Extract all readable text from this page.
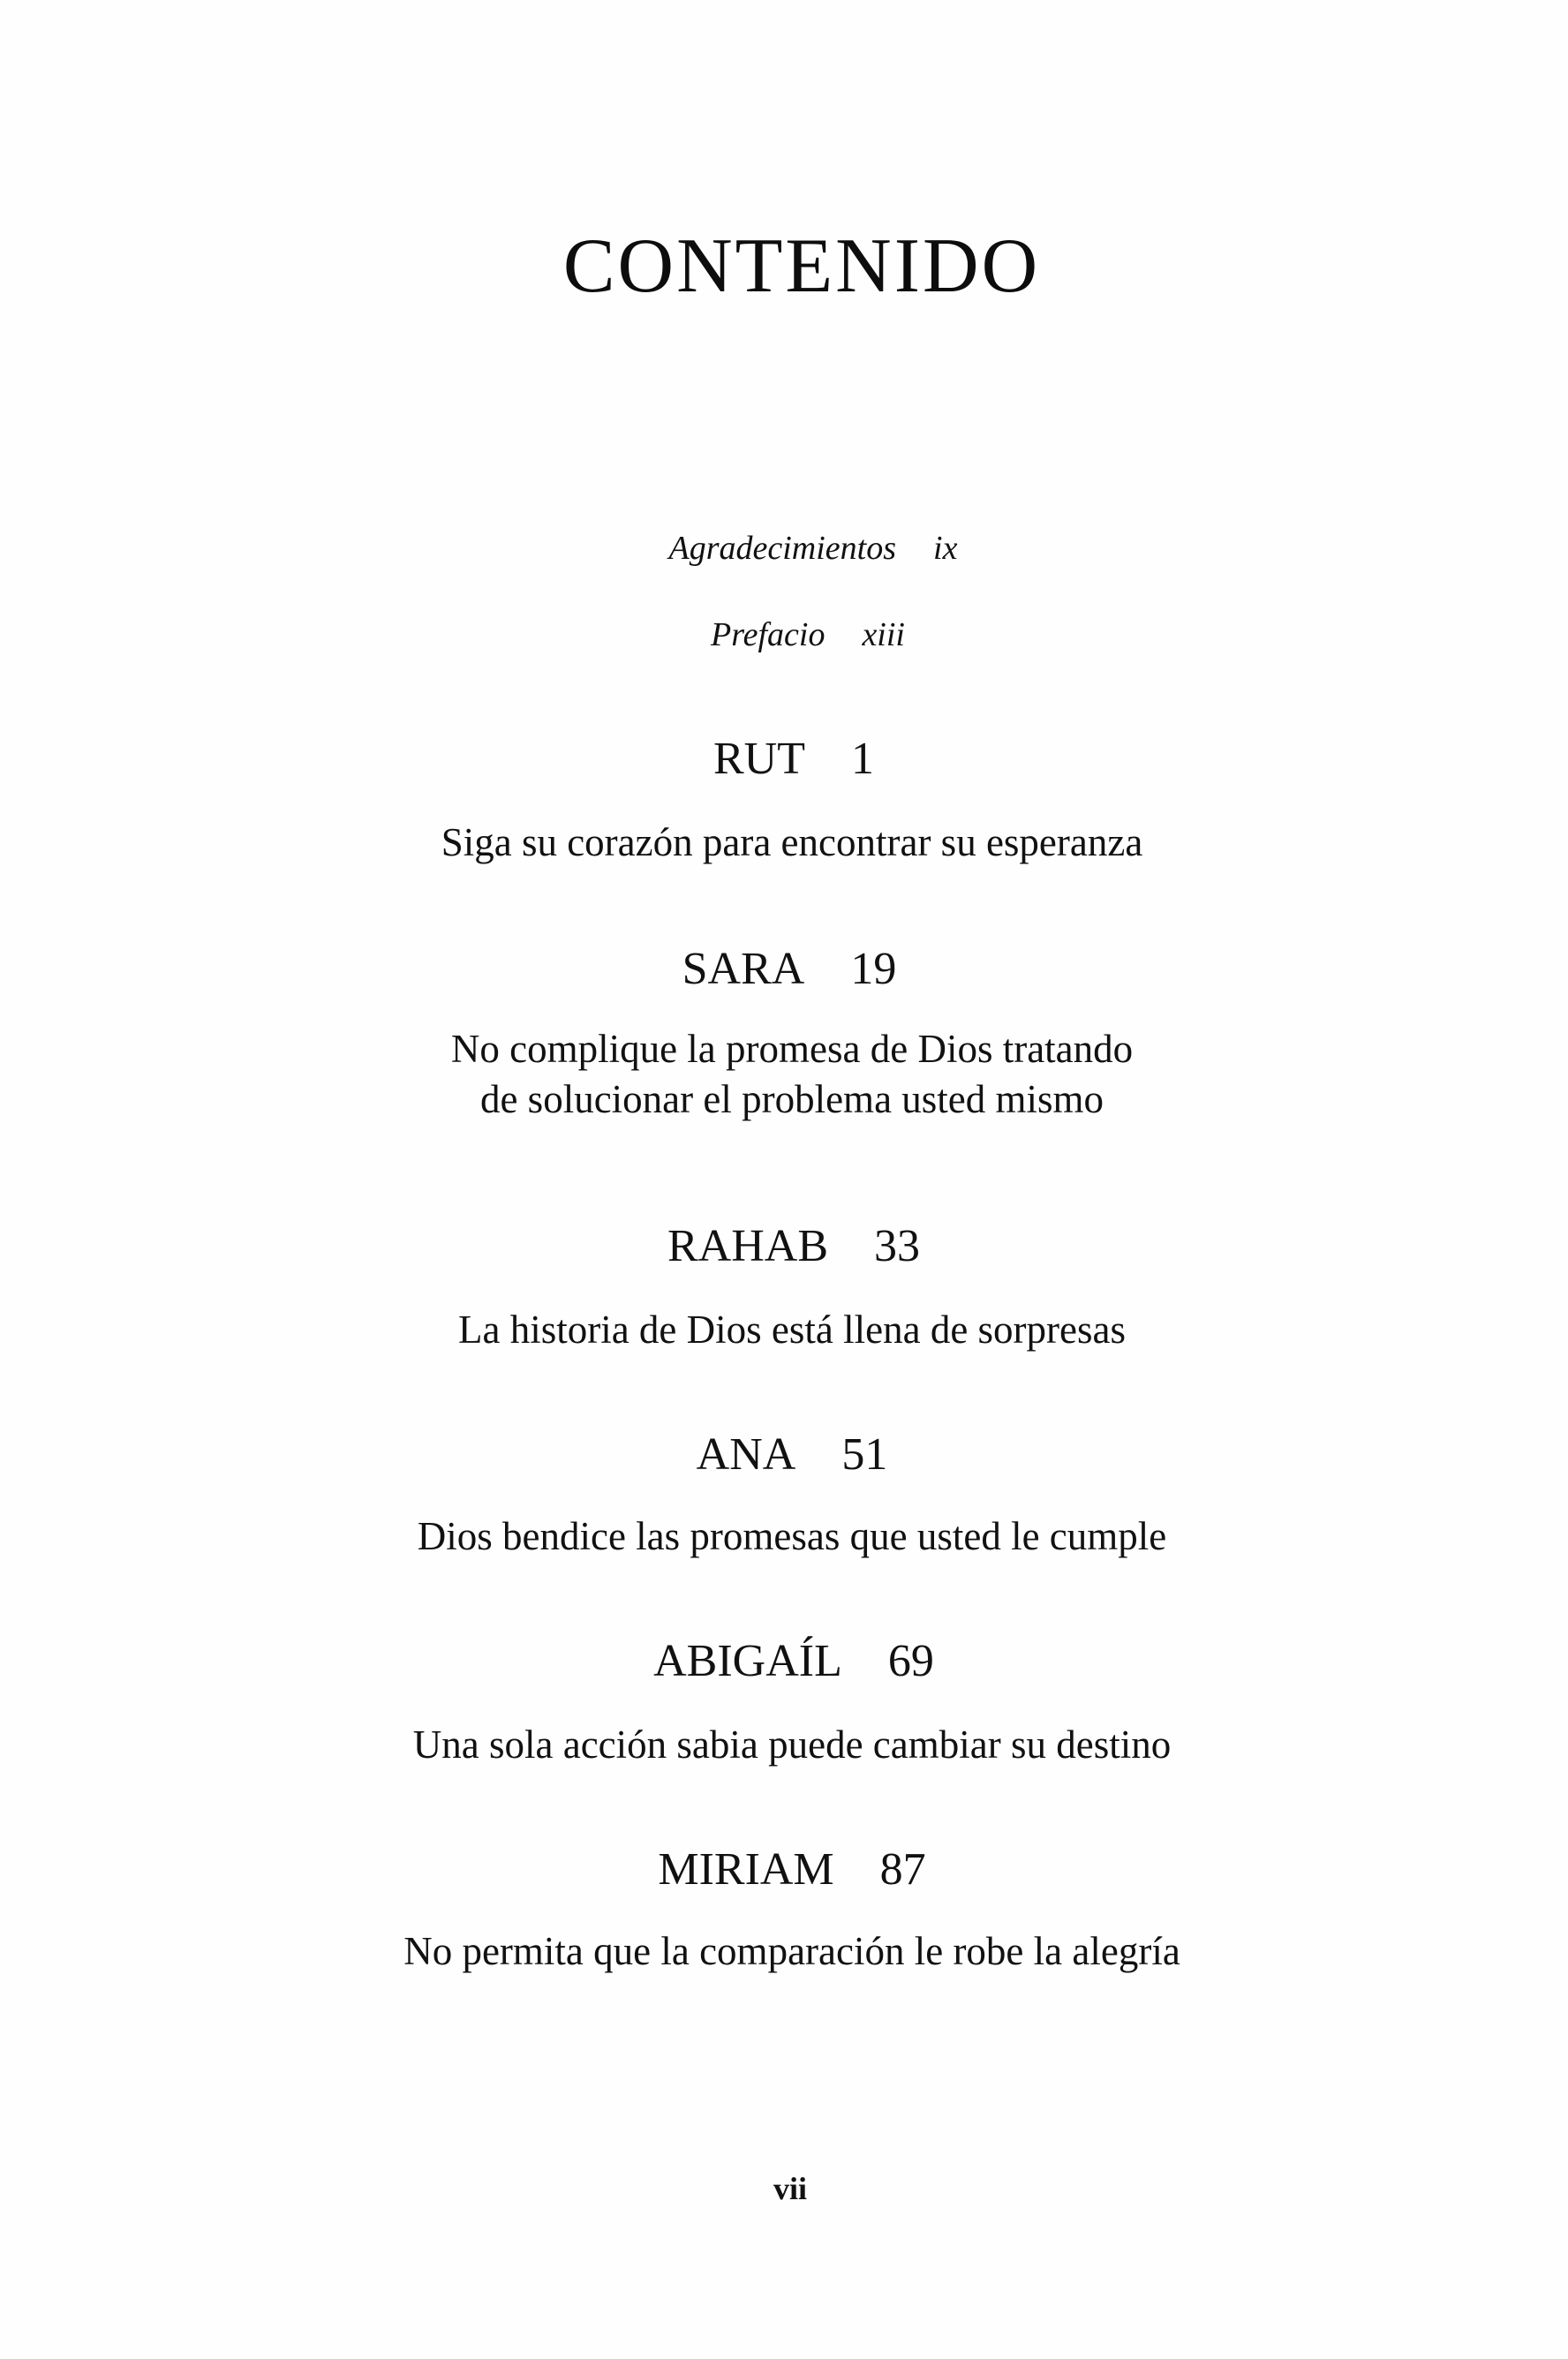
CONTENIDO
Agradecimientos ix
Prefacio xiii
RUT 1
Siga su corazón para encontrar su esperanza
SARA 19
No complique la promesa de Dios tratando
de solucionar el problema usted mismo
RAHAB 33
La historia de Dios está llena de sorpresas
ANA 51
Dios bendice las promesas que usted le cumple
ABIGAÍL 69
Una sola acción sabia puede cambiar su destino
MIRIAM 87
No permita que la comparación le robe la alegría
vii
